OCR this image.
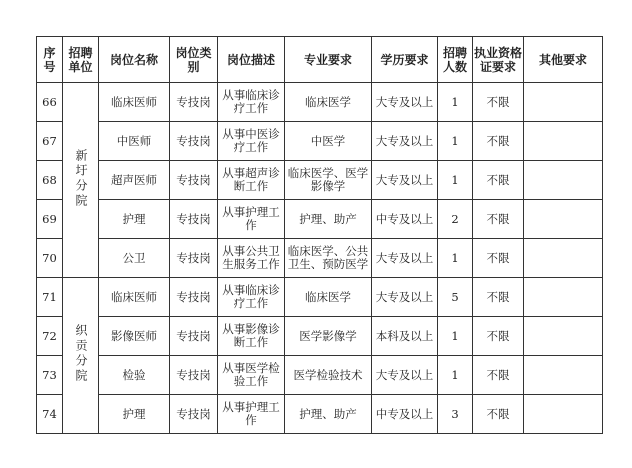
序号	招聘单位	岗位名称	岗位类别	岗位描述	专业要求	学历要求	招聘人数	执业资格证要求	其他要求
66	新圩分院	临床医师	专技岗	从事临床诊疗工作	临床医学	大专及以上	1	不限	
67		中医师	专技岗	从事中医诊疗工作	中医学	大专及以上	1	不限	
68		超声医师	专技岗	从事超声诊断工作	临床医学、医学影像学	大专及以上	1	不限	
69		护理	专技岗	从事护理工作	护理、助产	中专及以上	2	不限	
70		公卫	专技岗	从事公共卫生服务工作	临床医学、公共卫生、预防医学	大专及以上	1	不限	
71	织贡分院	临床医师	专技岗	从事临床诊疗工作	临床医学	大专及以上	5	不限	
72		影像医师	专技岗	从事影像诊断工作	医学影像学	本科及以上	1	不限	
73		检验	专技岗	从事医学检验工作	医学检验技术	大专及以上	1	不限	
74		护理	专技岗	从事护理工作	护理、助产	中专及以上	3	不限	
